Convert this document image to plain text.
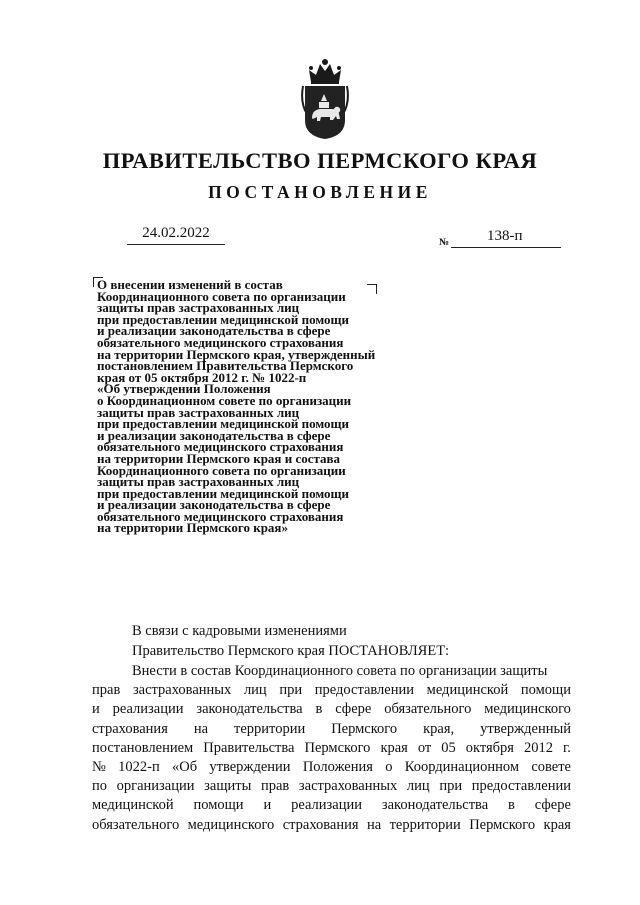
ПРАВИТЕЛЬСТВО ПЕРМСКОГО КРАЯ
ПОСТАНОВЛЕНИЕ
24.02.2022
№	138-п
О внесении изменений в состав
Координационного совета по организации
защиты прав застрахованных лиц
при предоставлении медицинской помощи
и реализации законодательства в сфере
обязательного медицинского страхования
на территории Пермского края, утвержденный
постановлением Правительства Пермского
края от 05 октября 2012 г. № 1022-п
«Об утверждении Положения
о Координационном совете по организации
защиты прав застрахованных лиц
при предоставлении медицинской помощи
и реализации законодательства в сфере
обязательного медицинского страхования
на территории Пермского края и состава
Координационного совета по организации
защиты прав застрахованных лиц
при предоставлении медицинской помощи
и реализации законодательства в сфере
обязательного медицинского страхования
на территории Пермского края»
В связи с кадровыми изменениями
Правительство Пермского края ПОСТАНОВЛЯЕТ:
Внести в состав Координационного совета по организации защиты
прав застрахованных лиц при предоставлении медицинской помощи
и реализации законодательства в сфере обязательного медицинского
страхования на территории Пермского края, утвержденный
постановлением Правительства Пермского края от 05 октября 2012 г.
№ 1022-п «Об утверждении Положения о Координационном совете
по организации защиты прав застрахованных лиц при предоставлении
медицинской помощи и реализации законодательства в сфере
обязательного медицинского страхования на территории Пермского края
